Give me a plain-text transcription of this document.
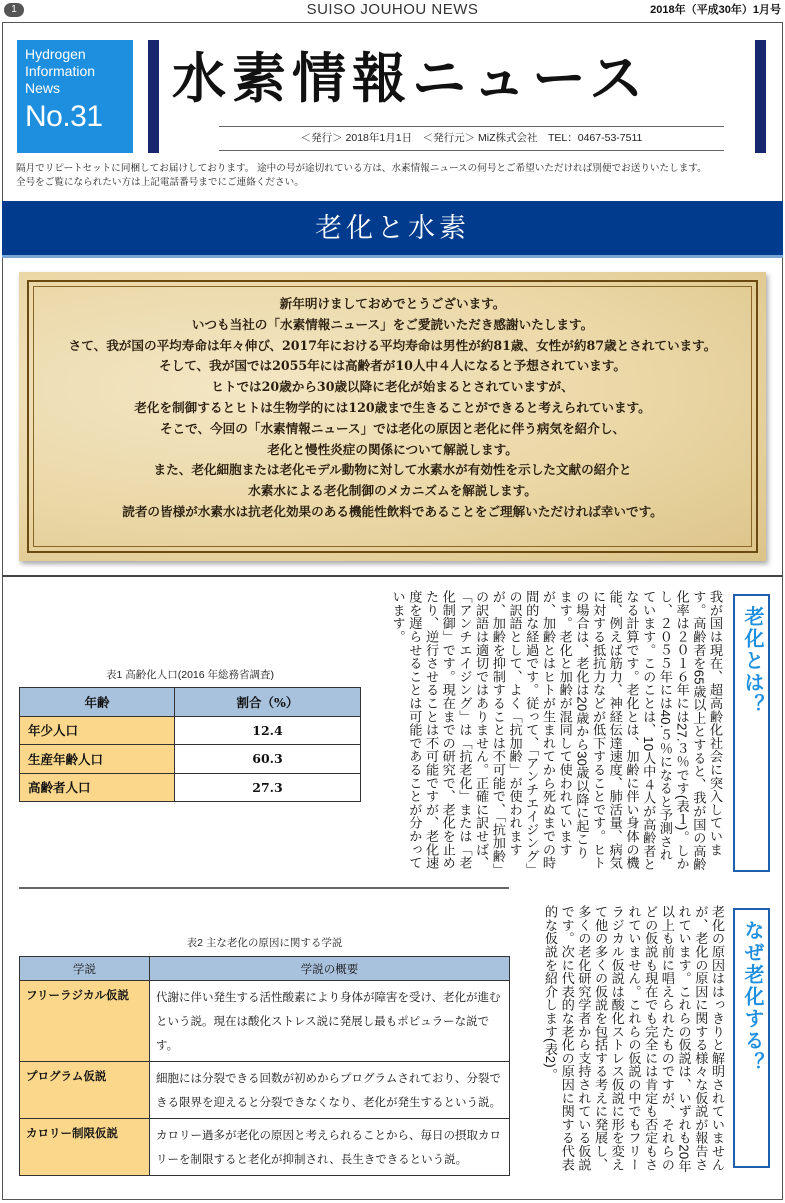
1	SUISO JOUHOU NEWS	2018年（平成30年）1月号
Hydrogen
Information
News
No.31
水素情報ニュース
＜発行＞ 2018年1月1日　＜発行元＞ MiZ株式会社　TEL：0467-53-7511
隔月でリピートセットに同梱してお届けしております。 途中の号が途切れている方は、水素情報ニュースの何号とご希望いただければ別便でお送りいたします。
全号をご覧になられたい方は上記電話番号までにご連絡ください。
老化と水素
新年明けましておめでとうございます。
いつも当社の「水素情報ニュース」をご愛読いただき感謝いたします。
さて、我が国の平均寿命は年々伸び、2017年における平均寿命は男性が約81歳、女性が約87歳とされています。
そして、我が国では2055年には高齢者が10人中４人になると予想されています。
ヒトでは20歳から30歳以降に老化が始まるとされていますが、
老化を制御するとヒトは生物学的には120歳まで生きることができると考えられています。
そこで、今回の「水素情報ニュース」では老化の原因と老化に伴う病気を紹介し、
老化と慢性炎症の関係について解説します。
また、老化細胞または老化モデル動物に対して水素水が有効性を示した文献の紹介と
水素水による老化制御のメカニズムを解説します。
読者の皆様が水素水は抗老化効果のある機能性飲料であることをご理解いただければ幸いです。
老化とは？
我が国は現在、超高齢化社会に突入しています。高齢者を65歳以上とすると、我が国の高齢化率は２０１６年には27.３％です(表１)。しかし、２０５５年には40.５％になると予測されています。このことは、10人中４人が高齢者となる計算です。老化とは、加齢に伴い身体の機能、例えば筋力、神経伝達速度、肺活量、病気に対する抵抗力などが低下することです。ヒトの場合は、老化は20歳から30歳以降に起こります。老化と加齢が混同して使われていますが、加齢とはヒトが生まれてから死ぬまでの時間的な経過です。従って、「アンチエイジング」の訳語として、よく「抗加齢」が使われますが、加齢を抑制することは不可能で、「抗加齢」の訳語は適切ではありません。正確に訳せば、「アンチエイジング」は「抗老化」または「老化制御」です。現在までの研究で、老化を止めたり、逆行させることは不可能ですが、老化速度を遅らせることは可能であることが分かっています。
表1 高齢化人口(2016 年総務省調査)
年齢	割合（%）
年少人口	12.4
生産年齢人口	60.3
高齢者人口	27.3
なぜ老化する？
老化の原因ははっきりと解明されていませんが、老化の原因に関する様々な仮説が報告されています。これらの仮説は、いずれも20年以上も前に唱えられたものですが、それらのどの仮説も現在でも完全には肯定も否定もされていません。これらの仮説の中でもフリーラジカル仮説は酸化ストレス仮説に形を変えて他の多くの仮説を包括する考えに発展し、多くの老化研究学者から支持されている仮説です。次に代表的な老化の原因に関する代表的な仮説を紹介します(表2)。
表2 主な老化の原因に関する学説
学説	学説の概要
フリーラジカル仮説	代謝に伴い発生する活性酸素により身体が障害を受け、老化が進むという説。現在は酸化ストレス説に発展し最もポピュラーな説です。
プログラム仮説	細胞には分裂できる回数が初めからプログラムされており、分裂できる限界を迎えると分裂できなくなり、老化が発生するという説。
カロリー制限仮説	カロリー過多が老化の原因と考えられることから、毎日の摂取カロリーを制限すると老化が抑制され、長生きできるという説。
